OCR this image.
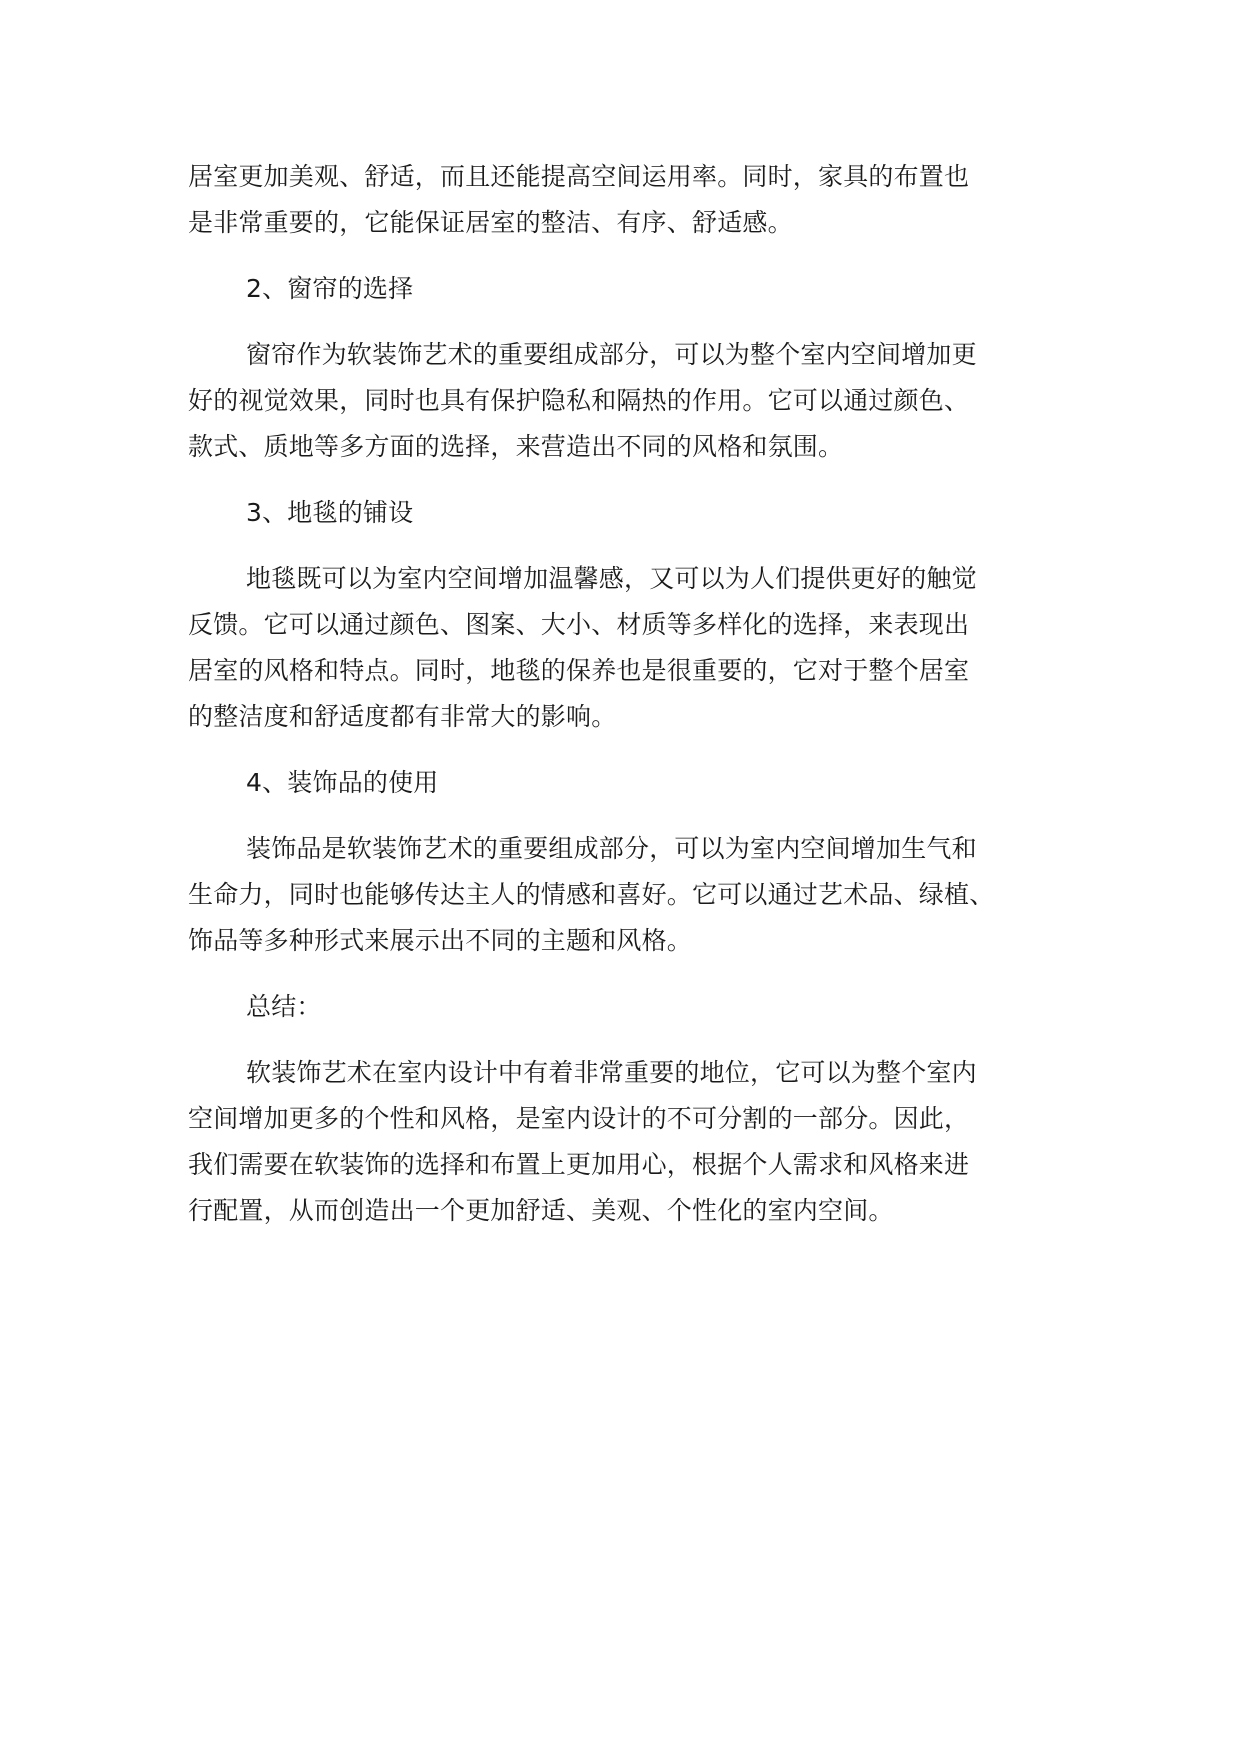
居室更加美观、舒适，而且还能提高空间运用率。同时，家具的布置也
是非常重要的，它能保证居室的整洁、有序、舒适感。
2、窗帘的选择
窗帘作为软装饰艺术的重要组成部分，可以为整个室内空间增加更
好的视觉效果，同时也具有保护隐私和隔热的作用。它可以通过颜色、
款式、质地等多方面的选择，来营造出不同的风格和氛围。
3、地毯的铺设
地毯既可以为室内空间增加温馨感，又可以为人们提供更好的触觉
反馈。它可以通过颜色、图案、大小、材质等多样化的选择，来表现出
居室的风格和特点。同时，地毯的保养也是很重要的，它对于整个居室
的整洁度和舒适度都有非常大的影响。
4、装饰品的使用
装饰品是软装饰艺术的重要组成部分，可以为室内空间增加生气和
生命力，同时也能够传达主人的情感和喜好。它可以通过艺术品、绿植、
饰品等多种形式来展示出不同的主题和风格。
总结：
软装饰艺术在室内设计中有着非常重要的地位，它可以为整个室内
空间增加更多的个性和风格，是室内设计的不可分割的一部分。因此，
我们需要在软装饰的选择和布置上更加用心，根据个人需求和风格来进
行配置，从而创造出一个更加舒适、美观、个性化的室内空间。
